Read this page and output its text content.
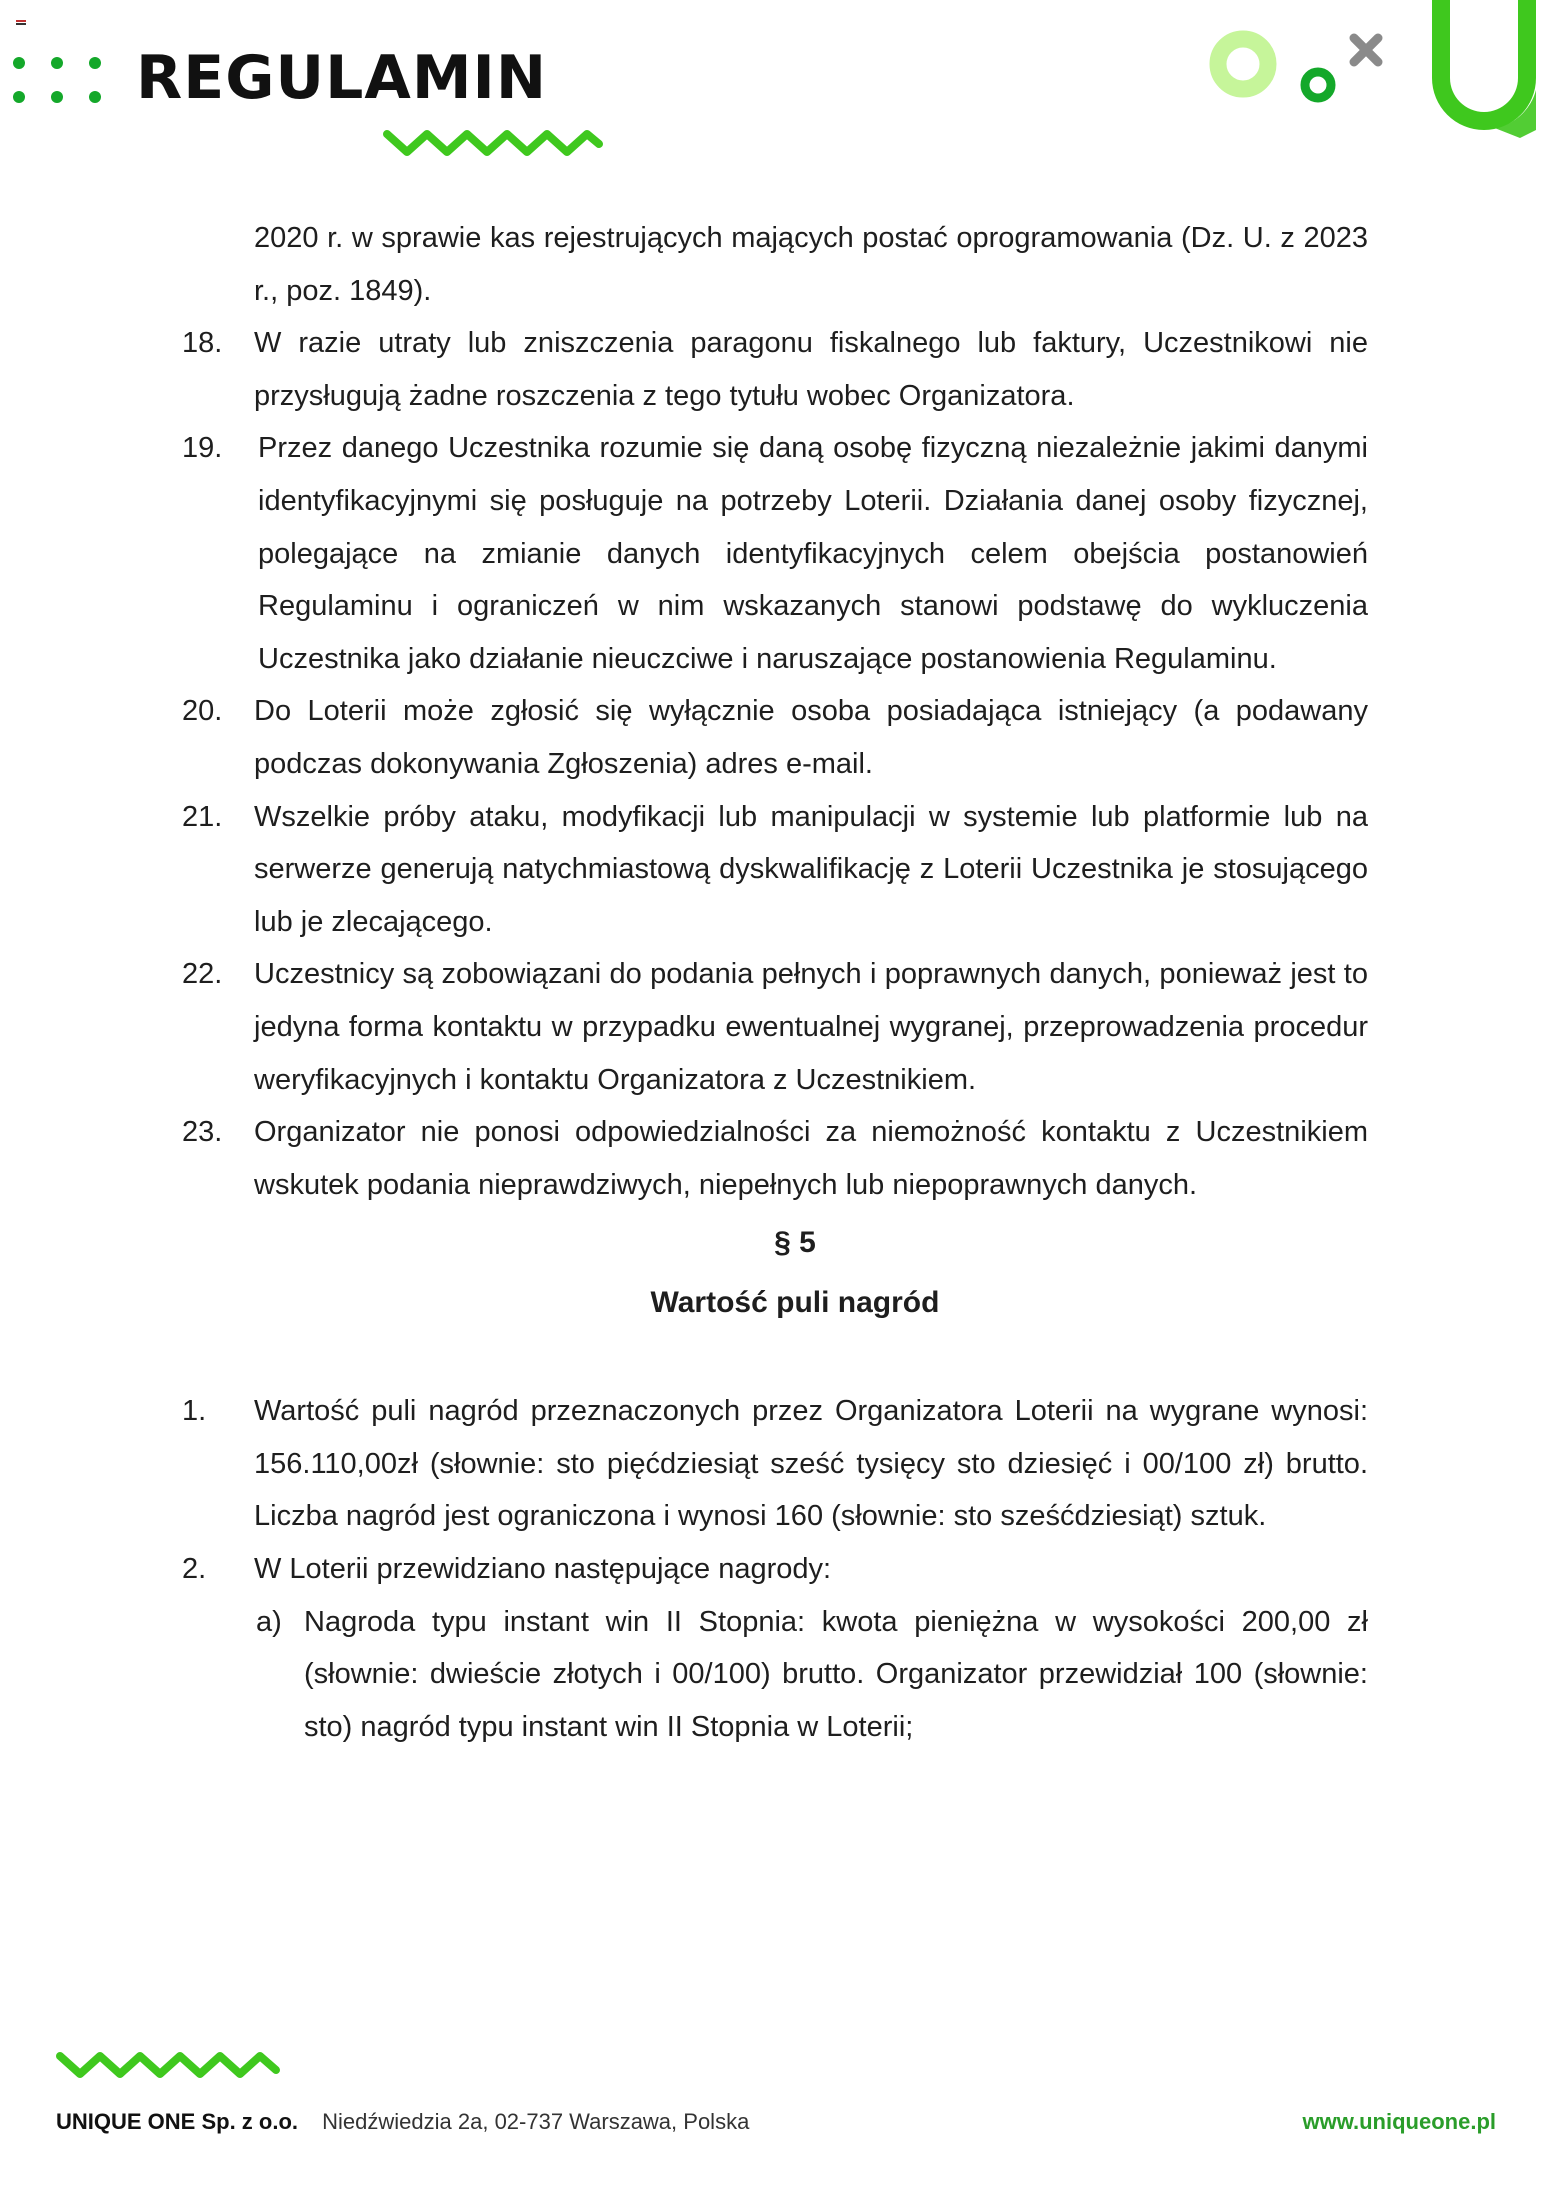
REGULAMIN
2020 r. w sprawie kas rejestrujących mających postać oprogramowania (Dz. U. z 2023 r., poz. 1849).
18. W razie utraty lub zniszczenia paragonu fiskalnego lub faktury, Uczestnikowi nie przysługują żadne roszczenia z tego tytułu wobec Organizatora.
19. Przez danego Uczestnika rozumie się daną osobę fizyczną niezależnie jakimi danymi identyfikacyjnymi się posługuje na potrzeby Loterii. Działania danej osoby fizycznej, polegające na zmianie danych identyfikacyjnych celem obejścia postanowień Regulaminu i ograniczeń w nim wskazanych stanowi podstawę do wykluczenia Uczestnika jako działanie nieuczciwe i naruszające postanowienia Regulaminu.
20. Do Loterii może zgłosić się wyłącznie osoba posiadająca istniejący (a podawany podczas dokonywania Zgłoszenia) adres e-mail.
21. Wszelkie próby ataku, modyfikacji lub manipulacji w systemie lub platformie lub na serwerze generują natychmiastową dyskwalifikację z Loterii Uczestnika je stosującego lub je zlecającego.
22. Uczestnicy są zobowiązani do podania pełnych i poprawnych danych, ponieważ jest to jedyna forma kontaktu w przypadku ewentualnej wygranej, przeprowadzenia procedur weryfikacyjnych i kontaktu Organizatora z Uczestnikiem.
23. Organizator nie ponosi odpowiedzialności za niemożność kontaktu z Uczestnikiem wskutek podania nieprawdziwych, niepełnych lub niepoprawnych danych.
§ 5
Wartość puli nagród
1. Wartość puli nagród przeznaczonych przez Organizatora Loterii na wygrane wynosi: 156.110,00zł (słownie: sto pięćdziesiąt sześć tysięcy sto dziesięć i 00/100 zł) brutto. Liczba nagród jest ograniczona i wynosi 160 (słownie: sto sześćdziesiąt) sztuk.
2. W Loterii przewidziano następujące nagrody:
a) Nagroda typu instant win II Stopnia: kwota pieniężna w wysokości 200,00 zł (słownie: dwieście złotych i 00/100) brutto. Organizator przewidział 100 (słownie: sto) nagród typu instant win II Stopnia w Loterii;
UNIQUE ONE Sp. z o.o. Niedźwiedzia 2a, 02-737 Warszawa, Polska	www.uniqueone.pl
